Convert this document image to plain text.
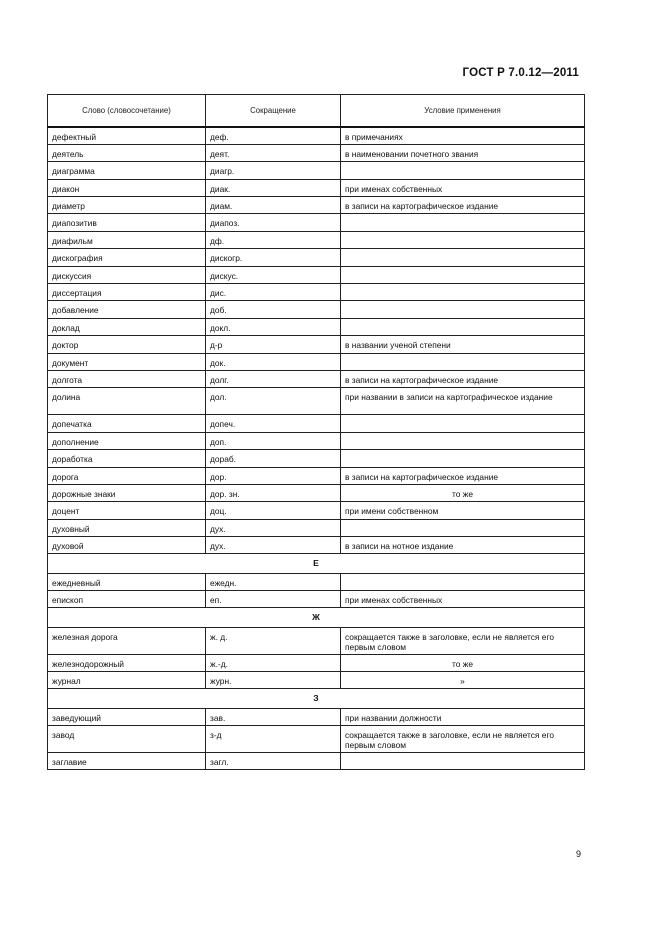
ГОСТ Р 7.0.12—2011
Слово (словосочетание)	Сокращение	Условие применения
дефектный	деф.	в примечаниях
деятель	деят.	в наименовании почетного звания
диаграмма	диагр.	
диакон	диак.	при именах собственных
диаметр	диам.	в записи на картографическое издание
диапозитив	диапоз.	
диафильм	дф.	
дискография	дискогр.	
дискуссия	дискус.	
диссертация	дис.	
добавление	доб.	
доклад	докл.	
доктор	д-р	в названии ученой степени
документ	док.	
долгота	долг.	в записи на картографическое издание
долина	дол.	при названии в записи на картографическое издание
допечатка	допеч.	
дополнение	доп.	
доработка	дораб.	
дорога	дор.	в записи на картографическое издание
дорожные знаки	дор. зн.	то же
доцент	доц.	при имени собственном
духовный	дух.	
духовой	дух.	в записи на нотное издание
Е		
ежедневный	ежедн.	
епископ	еп.	при именах собственных
Ж		
железная дорога	ж. д.	сокращается также в заголовке, если не является его первым словом
железнодорожный	ж.-д.	то же
журнал	журн.	»
З		
заведующий	зав.	при названии должности
завод	з-д	сокращается также в заголовке, если не является его первым словом
заглавие	загл.	
9
